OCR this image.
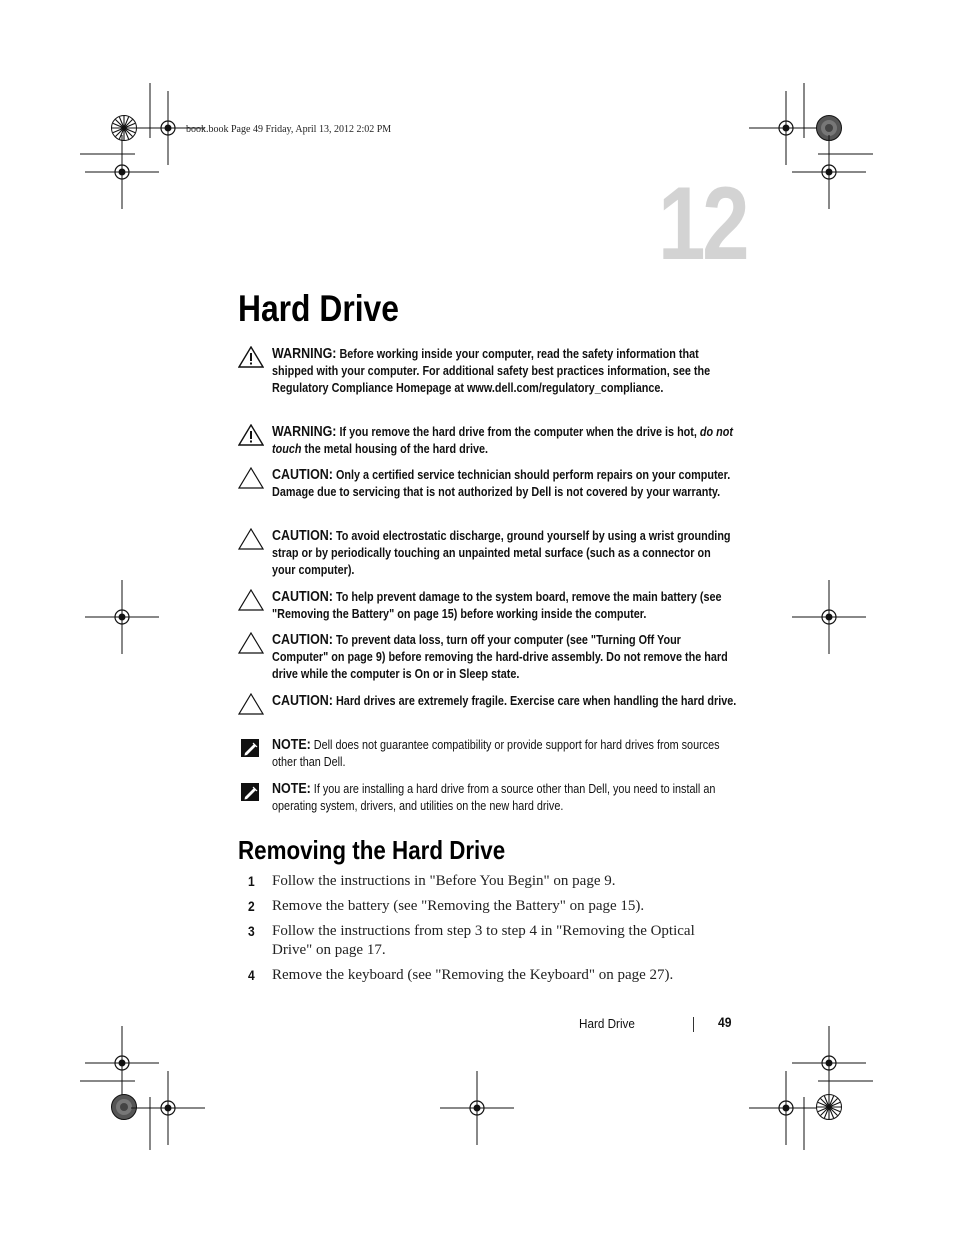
book.book Page 49 Friday, April 13, 2012 2:02 PM
12
Hard Drive
WARNING: Before working inside your computer, read the safety information that shipped with your computer. For additional safety best practices information, see the Regulatory Compliance Homepage at www.dell.com/regulatory_compliance.
WARNING: If you remove the hard drive from the computer when the drive is hot, do not touch the metal housing of the hard drive.
CAUTION: Only a certified service technician should perform repairs on your computer. Damage due to servicing that is not authorized by Dell is not covered by your warranty.
CAUTION: To avoid electrostatic discharge, ground yourself by using a wrist grounding strap or by periodically touching an unpainted metal surface (such as a connector on your computer).
CAUTION: To help prevent damage to the system board, remove the main battery (see "Removing the Battery" on page 15) before working inside the computer.
CAUTION: To prevent data loss, turn off your computer (see "Turning Off Your Computer" on page 9) before removing the hard-drive assembly. Do not remove the hard drive while the computer is On or in Sleep state.
CAUTION: Hard drives are extremely fragile. Exercise care when handling the hard drive.
NOTE: Dell does not guarantee compatibility or provide support for hard drives from sources other than Dell.
NOTE: If you are installing a hard drive from a source other than Dell, you need to install an operating system, drivers, and utilities on the new hard drive.
Removing the Hard Drive
1 Follow the instructions in "Before You Begin" on page 9.
2 Remove the battery (see "Removing the Battery" on page 15).
3 Follow the instructions from step 3 to step 4 in "Removing the Optical Drive" on page 17.
4 Remove the keyboard (see "Removing the Keyboard" on page 27).
Hard Drive	49
